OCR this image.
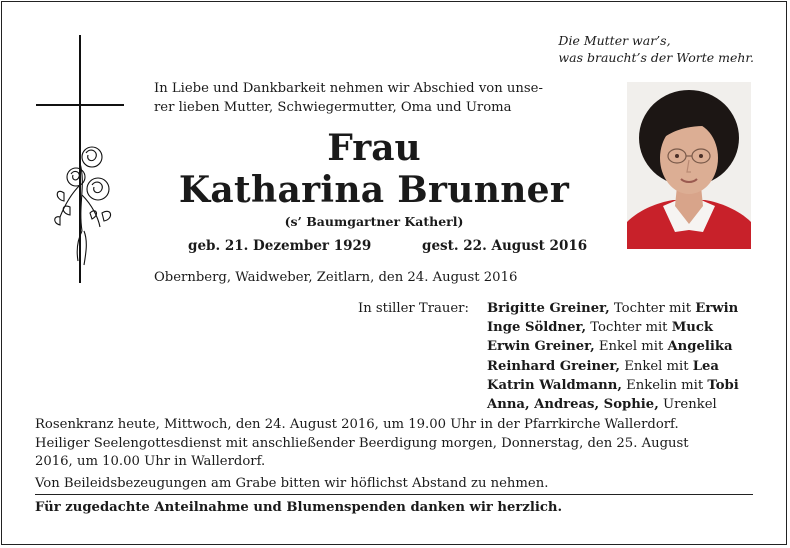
Die Mutter war’s,
was braucht’s der Worte mehr.
In Liebe und Dankbarkeit nehmen wir Abschied von unse-
rer lieben Mutter, Schwiegermutter, Oma und Uroma
Frau
Katharina Brunner
(s’ Baumgartner Katherl)
geb. 21. Dezember 1929	gest. 22. August 2016
Obernberg, Waidweber, Zeitlarn, den 24. August 2016
In stiller Trauer: Brigitte Greiner, Tochter mit Erwin
Inge Söldner, Tochter mit Muck
Erwin Greiner, Enkel mit Angelika
Reinhard Greiner, Enkel mit Lea
Katrin Waldmann, Enkelin mit Tobi
Anna, Andreas, Sophie, Urenkel

Rosenkranz heute, Mittwoch, den 24. August 2016, um 19.00 Uhr in der Pfarrkirche Wallerdorf.

Heiliger Seelengottesdienst mit anschließender Beerdigung morgen, Donnerstag, den 25. August

2016, um 10.00 Uhr in Wallerdorf.

Von Beileidsbezeugungen am Grabe bitten wir höflichst Abstand zu nehmen.

Für zugedachte Anteilnahme und Blumenspenden danken wir herzlich.
